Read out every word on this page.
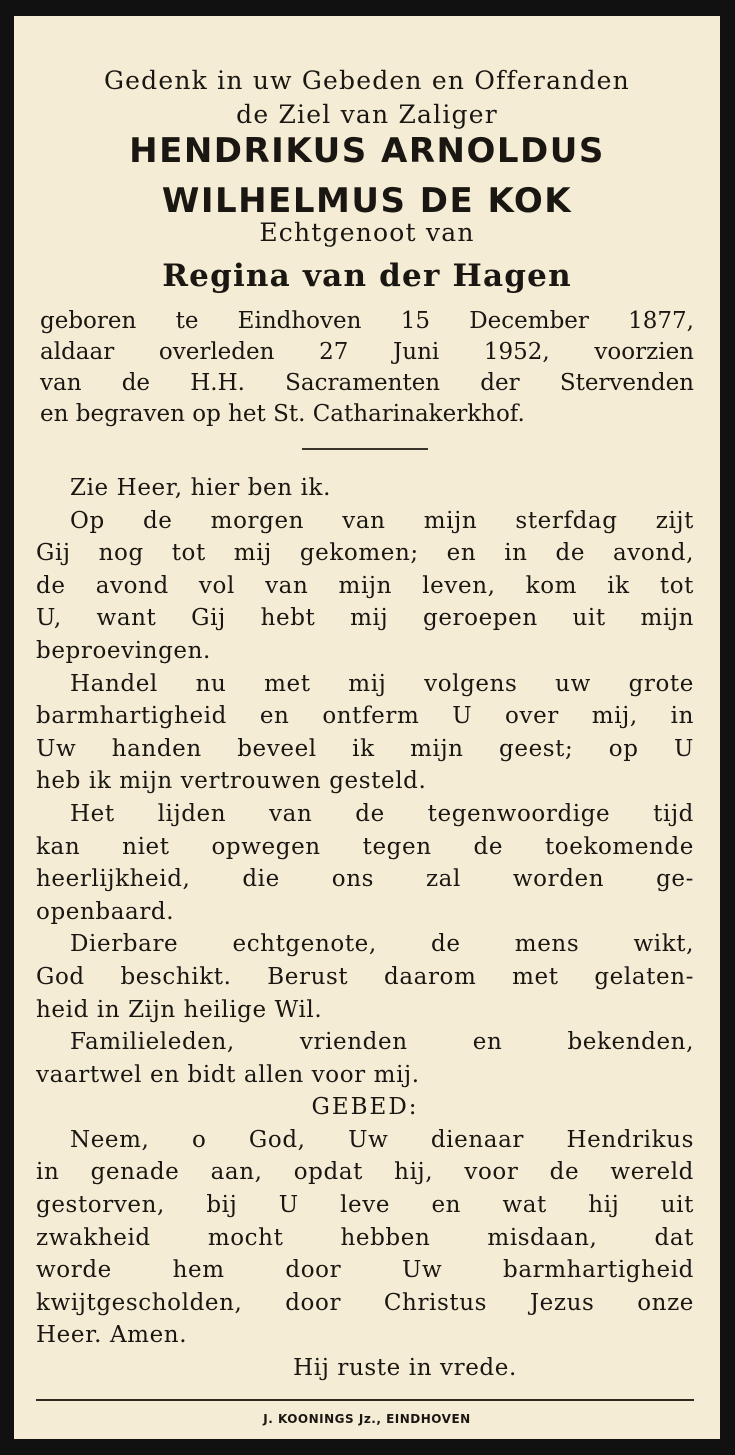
Gedenk in uw Gebeden en Offeranden
de Ziel van Zaliger
HENDRIKUS ARNOLDUS
WILHELMUS DE KOK
Echtgenoot van
Regina van der Hagen
geboren te Eindhoven 15 December 1877,
aldaar overleden 27 Juni 1952, voorzien
van de H.H. Sacramenten der Stervenden
en begraven op het St. Catharinakerkhof.
Zie Heer, hier ben ik.
Op de morgen van mijn sterfdag zijt
Gij nog tot mij gekomen; en in de avond,
de avond vol van mijn leven, kom ik tot
U, want Gij hebt mij geroepen uit mijn
beproevingen.
Handel nu met mij volgens uw grote
barmhartigheid en ontferm U over mij, in
Uw handen beveel ik mijn geest; op U
heb ik mijn vertrouwen gesteld.
Het lijden van de tegenwoordige tijd
kan niet opwegen tegen de toekomende
heerlijkheid, die ons zal worden ge-
openbaard.
Dierbare echtgenote, de mens wikt,
God beschikt. Berust daarom met gelaten-
heid in Zijn heilige Wil.
Familieleden, vrienden en bekenden,
vaartwel en bidt allen voor mij.
GEBED:
Neem, o God, Uw dienaar Hendrikus
in genade aan, opdat hij, voor de wereld
gestorven, bij U leve en wat hij uit
zwakheid mocht hebben misdaan, dat
worde hem door Uw barmhartigheid
kwijtgescholden, door Christus Jezus onze
Heer. Amen.
Hij ruste in vrede.
J. KOONINGS Jz., EINDHOVEN
